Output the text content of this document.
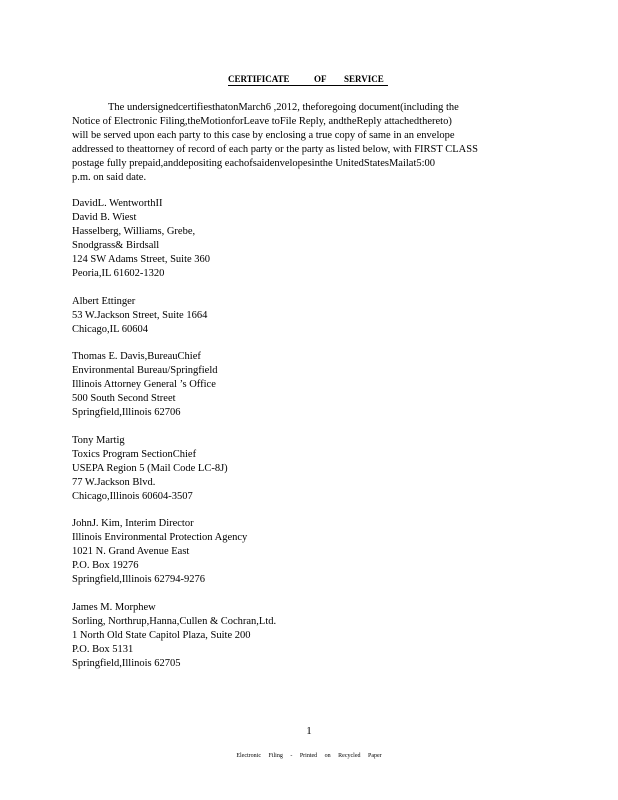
CERTIFICATE	OF SERVICE
The undersignedcertifiesthatonMarch6 ,2012, theforegoing document(including the
Notice of Electronic Filing,theMotionforLeave toFile Reply, andtheReply attachedthereto)
will be served upon each party to this case by enclosing a true copy of same in an envelope
addressed to theattorney of record of each party or the party as listed below, with FIRST CLASS
postage fully prepaid,anddepositing eachofsaidenvelopesinthe UnitedStatesMailat5:00
p.m. on said date.
DavidL. WentworthII
David B. Wiest
Hasselberg, Williams, Grebe,
Snodgrass& Birdsall
124 SW Adams Street, Suite 360
Peoria,IL 61602-1320
Albert Ettinger
53 W.Jackson Street, Suite 1664
Chicago,IL 60604
Thomas E. Davis,BureauChief
Environmental Bureau/Springfield
Illinois Attorney General ’s Office
500 South Second Street
Springfield,Illinois 62706
Tony Martig
Toxics Program SectionChief
USEPA Region 5 (Mail Code LC-8J)
77 W.Jackson Blvd.
Chicago,Illinois 60604-3507
JohnJ. Kim, Interim Director
Illinois Environmental Protection Agency
1021 N. Grand Avenue East
P.O. Box 19276
Springfield,Illinois 62794-9276
James M. Morphew
Sorling, Northrup,Hanna,Cullen & Cochran,Ltd.
1 North Old State Capitol Plaza, Suite 200
P.O. Box 5131
Springfield,Illinois 62705
1
Electronic Filing - Printed on Recycled Paper
